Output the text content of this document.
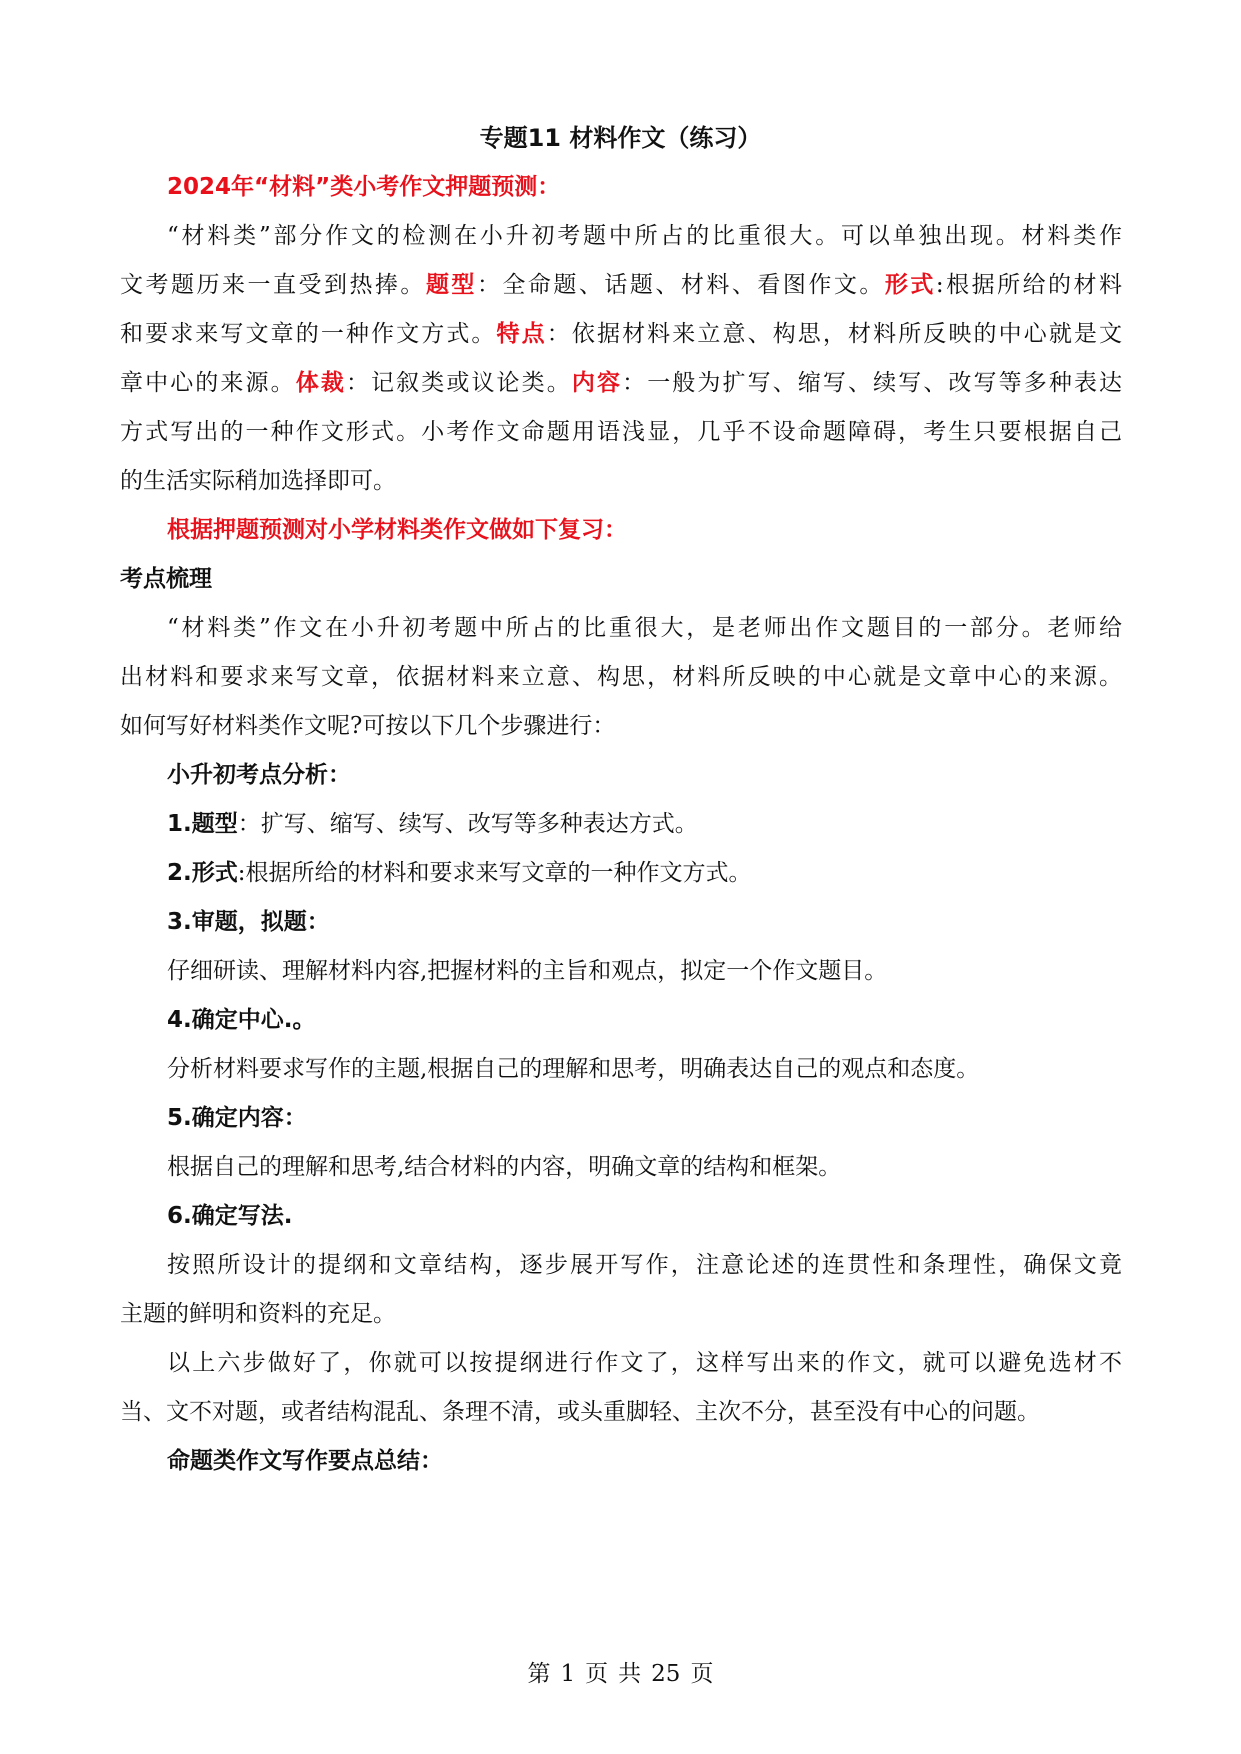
专题11 材料作文（练习）
2024年“材料”类小考作文押题预测：
“材料类”部分作文的检测在小升初考题中所占的比重很大。可以单独出现。材料类作
文考题历来一直受到热捧。题型：全命题、话题、材料、看图作文。形式:根据所给的材料
和要求来写文章的一种作文方式。特点：依据材料来立意、构思，材料所反映的中心就是文
章中心的来源。体裁：记叙类或议论类。内容：一般为扩写、缩写、续写、改写等多种表达
方式写出的一种作文形式。小考作文命题用语浅显，几乎不设命题障碍，考生只要根据自己
的生活实际稍加选择即可。
根据押题预测对小学材料类作文做如下复习：
考点梳理
“材料类”作文在小升初考题中所占的比重很大，是老师出作文题目的一部分。老师给
出材料和要求来写文章，依据材料来立意、构思，材料所反映的中心就是文章中心的来源。
如何写好材料类作文呢?可按以下几个步骤进行：
小升初考点分析：
1.题型：扩写、缩写、续写、改写等多种表达方式。
2.形式:根据所给的材料和要求来写文章的一种作文方式。
3.审题，拟题：
仔细研读、理解材料内容,把握材料的主旨和观点，拟定一个作文题目。
4.确定中心.。
分析材料要求写作的主题,根据自己的理解和思考，明确表达自己的观点和态度。
5.确定内容：
根据自己的理解和思考,结合材料的内容，明确文章的结构和框架。
6.确定写法.
按照所设计的提纲和文章结构，逐步展开写作，注意论述的连贯性和条理性，确保文竟
主题的鲜明和资料的充足。
以上六步做好了，你就可以按提纲进行作文了，这样写出来的作文，就可以避免选材不
当、文不对题，或者结构混乱、条理不清，或头重脚轻、主次不分，甚至没有中心的问题。
命题类作文写作要点总结：
第 1 页 共 25 页
